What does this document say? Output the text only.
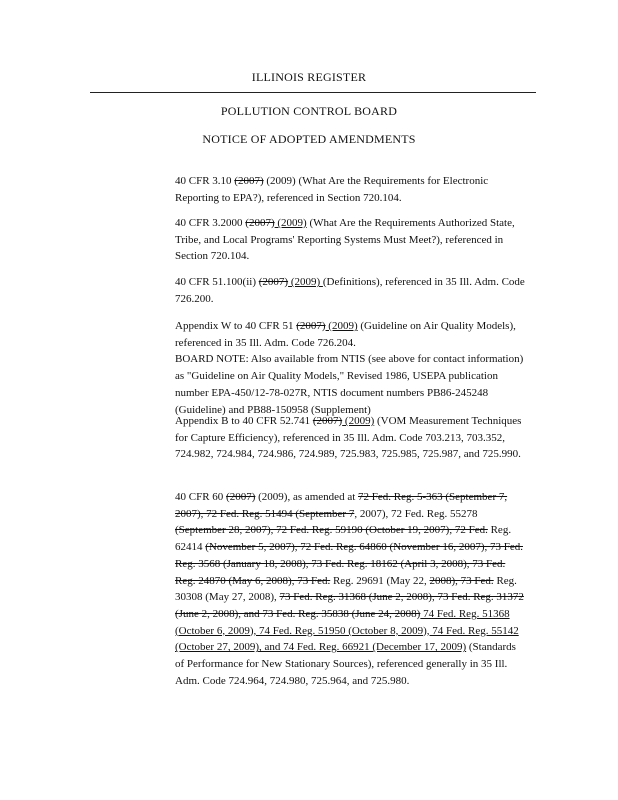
ILLINOIS REGISTER
POLLUTION CONTROL BOARD
NOTICE OF ADOPTED AMENDMENTS

40 CFR 3.10 (2007) (2009) (What Are the Requirements for Electronic Reporting to EPA?), referenced in Section 720.104.

40 CFR 3.2000 (2007) (2009) (What Are the Requirements Authorized State, Tribe, and Local Programs' Reporting Systems Must Meet?), referenced in Section 720.104.

40 CFR 51.100(ii) (2007) (2009) (Definitions), referenced in 35 Ill. Adm. Code 726.200.

Appendix W to 40 CFR 51 (2007) (2009) (Guideline on Air Quality Models), referenced in 35 Ill. Adm. Code 726.204.

BOARD NOTE: Also available from NTIS (see above for contact information) as "Guideline on Air Quality Models," Revised 1986, USEPA publication number EPA-450/12-78-027R, NTIS document numbers PB86-245248 (Guideline) and PB88-150958 (Supplement)

Appendix B to 40 CFR 52.741 (2007) (2009) (VOM Measurement Techniques for Capture Efficiency), referenced in 35 Ill. Adm. Code 703.213, 703.352, 724.982, 724.984, 724.986, 724.989, 725.983, 725.985, 725.987, and 725.990.

40 CFR 60 (2007) (2009), as amended at 72 Fed. Reg. 5-363 (September 7, 2007), 72 Fed. Reg. 51494 (September 7, 2007), 72 Fed. Reg. 55278 (September 28, 2007), 72 Fed. Reg. 59190 (October 19, 2007), 72 Fed. Reg. 62414 (November 5, 2007), 72 Fed. Reg. 64860 (November 16, 2007), 73 Fed. Reg. 3568 (January 18, 2008), 73 Fed. Reg. 18162 (April 3, 2008), 73 Fed. Reg. 24870 (May 6, 2008), 73 Fed. Reg. 29691 (May 22, 2008), 73 Fed. Reg. 30308 (May 27, 2008), 73 Fed. Reg. 31368 (June 2, 2008), 73 Fed. Reg. 31372 (June 2, 2008), and 73 Fed. Reg. 35838 (June 24, 2008) 74 Fed. Reg. 51368 (October 6, 2009), 74 Fed. Reg. 51950 (October 8, 2009), 74 Fed. Reg. 55142 (October 27, 2009), and 74 Fed. Reg. 66921 (December 17, 2009) (Standards of Performance for New Stationary Sources), referenced generally in 35 Ill. Adm. Code 724.964, 724.980, 725.964, and 725.980.
